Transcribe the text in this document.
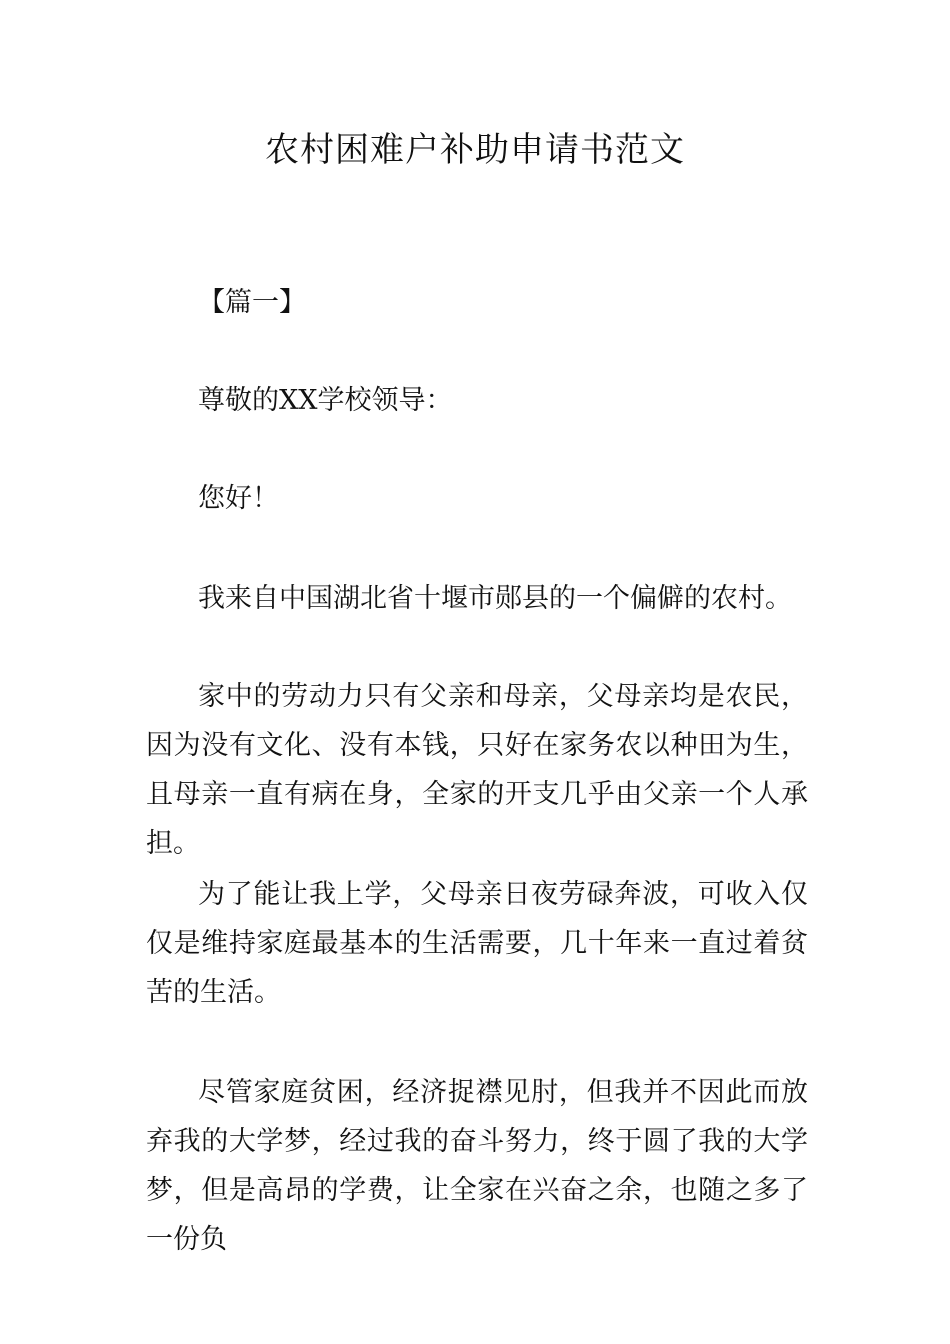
农村困难户补助申请书范文

【篇一】

尊敬的XX学校领导：

您好！

我来自中国湖北省十堰市郧县的一个偏僻的农村。

家中的劳动力只有父亲和母亲，父母亲均是农民，因为没有文化、没有本钱，只好在家务农以种田为生，且母亲一直有病在身，全家的开支几乎由父亲一个人承担。

为了能让我上学，父母亲日夜劳碌奔波，可收入仅仅是维持家庭最基本的生活需要，几十年来一直过着贫苦的生活。

尽管家庭贫困，经济捉襟见肘，但我并不因此而放弃我的大学梦，经过我的奋斗努力，终于圆了我的大学梦，但是高昂的学费，让全家在兴奋之余，也随之多了一份负
